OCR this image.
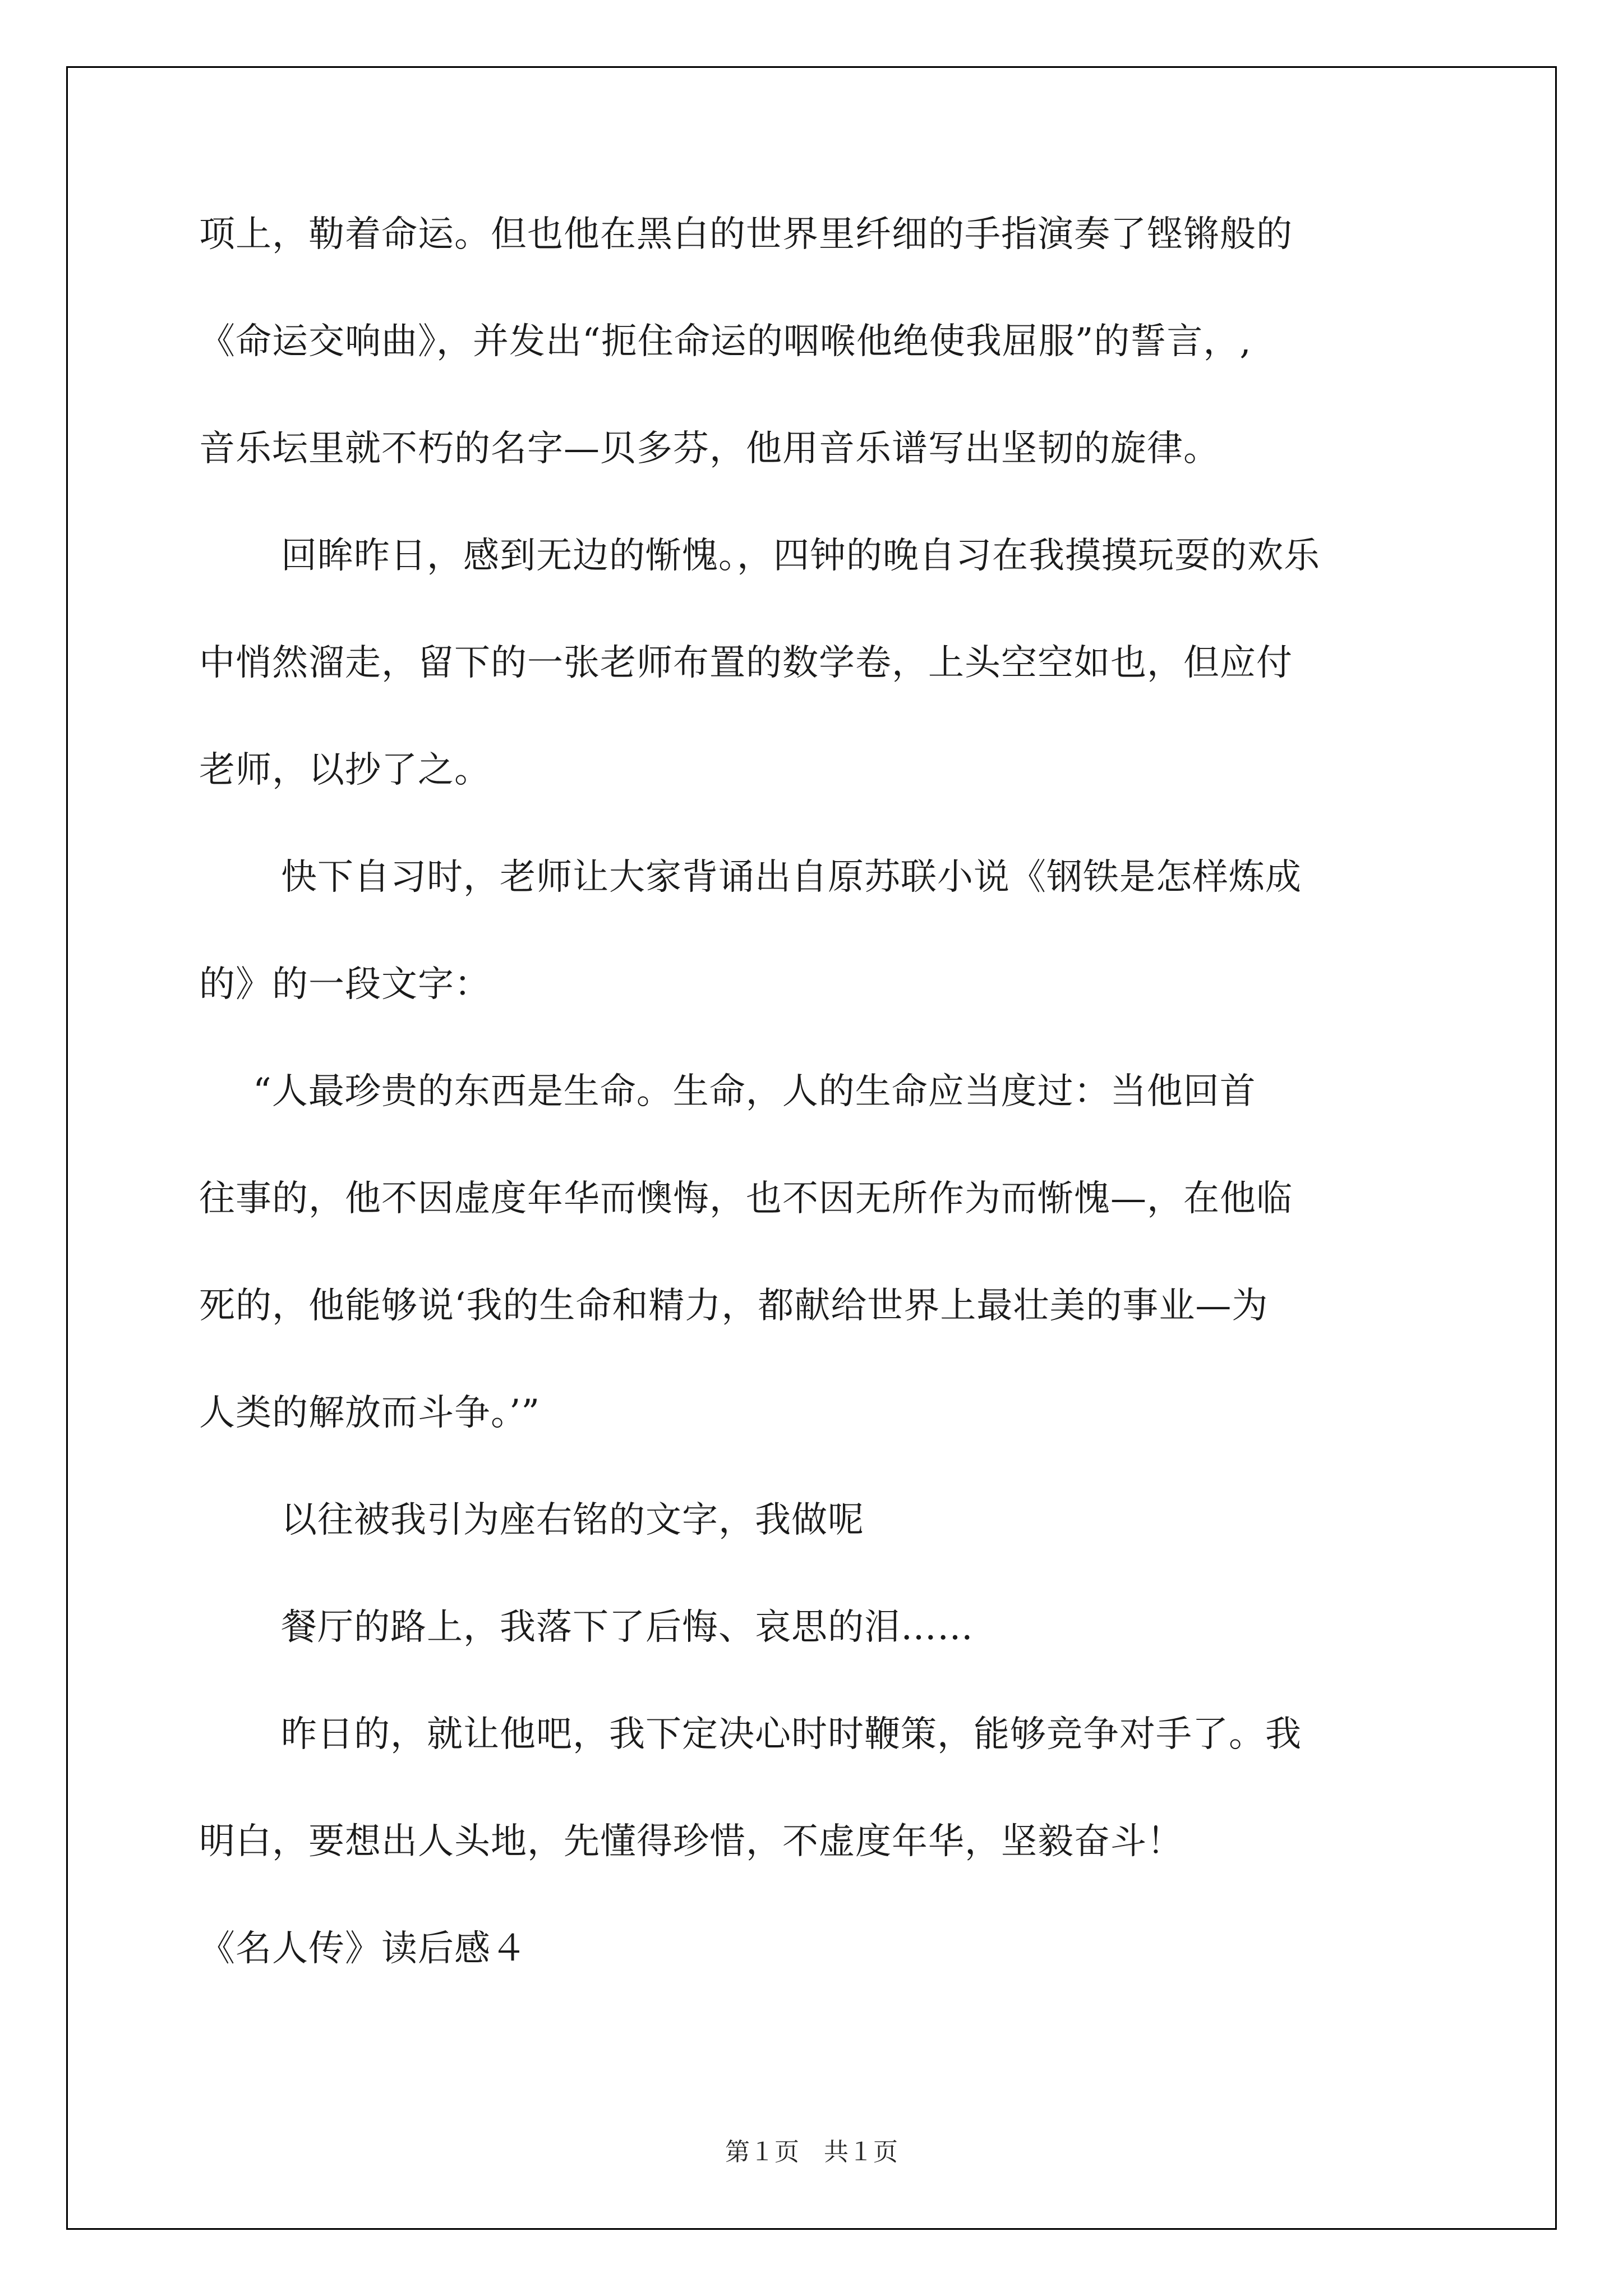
项上，勒着命运。但也他在黑白的世界里纤细的手指演奏了铿锵般的
《命运交响曲》，并发出“扼住命运的咽喉他绝使我屈服”的誓言，,
音乐坛里就不朽的名字—贝多芬，他用音乐谱写出坚韧的旋律。
回眸昨日，感到无边的惭愧。，四钟的晚自习在我摸摸玩耍的欢乐
中悄然溜走，留下的一张老师布置的数学卷，上头空空如也，但应付
老师，以抄了之。
快下自习时，老师让大家背诵出自原苏联小说《钢铁是怎样炼成
的》的一段文字：
“人最珍贵的东西是生命。生命，人的生命应当度过：当他回首
往事的，他不因虚度年华而懊悔，也不因无所作为而惭愧—，在他临
死的，他能够说‘我的生命和精力，都献给世界上最壮美的事业—为
人类的解放而斗争。’”
以往被我引为座右铭的文字，我做呢
餐厅的路上，我落下了后悔、哀思的泪……
昨日的，就让他吧，我下定决心时时鞭策，能够竞争对手了。我
明白，要想出人头地，先懂得珍惜，不虚度年华，坚毅奋斗！
《名人传》读后感４
第１页　共１页
